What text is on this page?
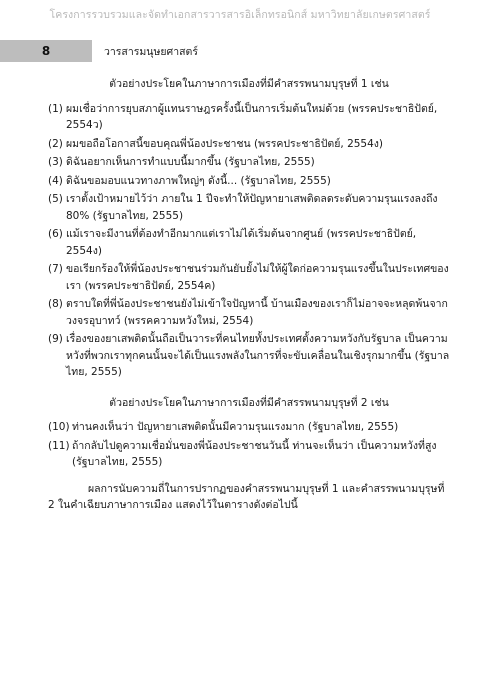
โครงการรวบรวมและจัดทำเอกสารวารสารอิเล็กทรอนิกส์ มหาวิทยาลัยเกษตรศาสตร์
8	วารสารมนุษยศาสตร์
ตัวอย่างประโยคในภาษาการเมืองที่มีคำสรรพนามบุรุษที่ 1 เช่น
(1) ผมเชื่อว่าการยุบสภาผู้แทนราษฎรครั้งนี้เป็นการเริ่มต้นใหม่ด้วย (พรรคประชาธิปัตย์, 2554ว)
(2) ผมขอถือโอกาสนี้ขอบคุณพี่น้องประชาชน (พรรคประชาธิปัตย์, 2554ง)
(3) ดิฉันอยากเห็นการทำแบบนี้มากขึ้น (รัฐบาลไทย, 2555)
(4) ดิฉันขอมอบแนวทางภาพใหญ่ๆ ดังนี้... (รัฐบาลไทย, 2555)
(5) เราตั้งเป้าหมายไว้ว่า ภายใน 1 ปีจะทำให้ปัญหายาเสพติดลดระดับความรุนแรงลงถึง 80% (รัฐบาลไทย, 2555)
(6) แม้เราจะมีงานที่ต้องทำอีกมากแต่เราไม่ได้เริ่มต้นจากศูนย์ (พรรคประชาธิปัตย์, 2554ง)
(7) ขอเรียกร้องให้พี่น้องประชาชนร่วมกันยับยั้งไม่ให้ผู้ใดก่อความรุนแรงขึ้นในประเทศของเรา (พรรคประชาธิปัตย์, 2554ค)
(8) ตราบใดที่พี่น้องประชาชนยังไม่เข้าใจปัญหานี้ บ้านเมืองของเราก็ไม่อาจจะหลุดพ้นจากวงจรอุบาทว์ (พรรคความหวังใหม่, 2554)
(9) เรื่องของยาเสพติดนั้นถือเป็นวาระที่คนไทยทั้งประเทศตั้งความหวังกับรัฐบาล เป็นความหวังที่พวกเราทุกคนนั้นจะได้เป็นแรงพลังในการที่จะขับเคลื่อนในเชิงรุกมากขึ้น (รัฐบาลไทย, 2555)
ตัวอย่างประโยคในภาษาการเมืองที่มีคำสรรพนามบุรุษที่ 2 เช่น
(10) ท่านคงเห็นว่า ปัญหายาเสพติดนั้นมีความรุนแรงมาก (รัฐบาลไทย, 2555)
(11) ถ้ากลับไปดูความเชื่อมั่นของพี่น้องประชาชนวันนี้ ท่านจะเห็นว่า เป็นความหวังที่สูง (รัฐบาลไทย, 2555)
ผลการนับความถี่ในการปรากฏของคำสรรพนามบุรุษที่ 1 และคำสรรพนามบุรุษที่ 2 ในคำเฉียบภาษาการเมือง แสดงไว้ในตารางดังต่อไปนี้
